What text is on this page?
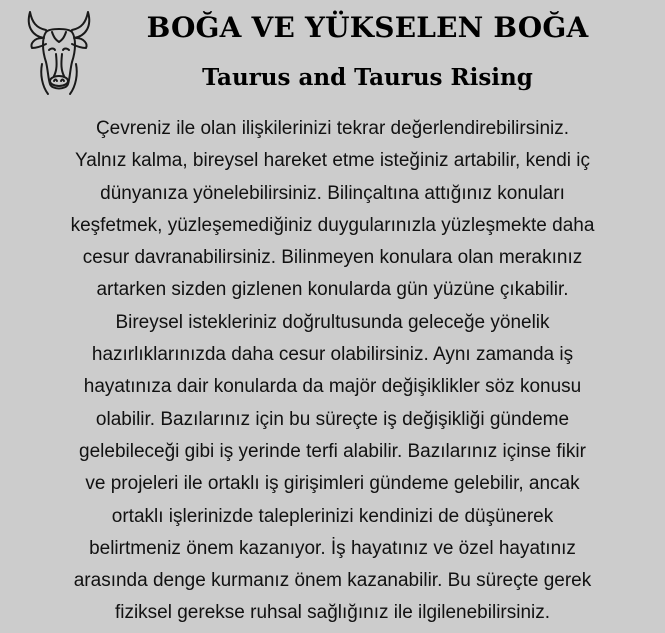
BOĞA VE YÜKSELEN BOĞA
Taurus and Taurus Rising

Çevreniz ile olan ilişkilerinizi tekrar değerlendirebilirsiniz.
Yalnız kalma, bireysel hareket etme isteğiniz artabilir, kendi iç
dünyanıza yönelebilirsiniz. Bilinçaltına attığınız konuları
keşfetmek, yüzleşemediğiniz duygularınızla yüzleşmekte daha
cesur davranabilirsiniz. Bilinmeyen konulara olan merakınız
artarken sizden gizlenen konularda gün yüzüne çıkabilir.
Bireysel istekleriniz doğrultusunda geleceğe yönelik
hazırlıklarınızda daha cesur olabilirsiniz. Aynı zamanda iş
hayatınıza dair konularda da majör değişiklikler söz konusu
olabilir. Bazılarınız için bu süreçte iş değişikliği gündeme
gelebileceği gibi iş yerinde terfi alabilir. Bazılarınız içinse fikir
ve projeleri ile ortaklı iş girişimleri gündeme gelebilir, ancak
ortaklı işlerinizde taleplerinizi kendinizi de düşünerek
belirtmeniz önem kazanıyor. İş hayatınız ve özel hayatınız
arasında denge kurmanız önem kazanabilir. Bu süreçte gerek
fiziksel gerekse ruhsal sağlığınız ile ilgilenebilirsiniz.
